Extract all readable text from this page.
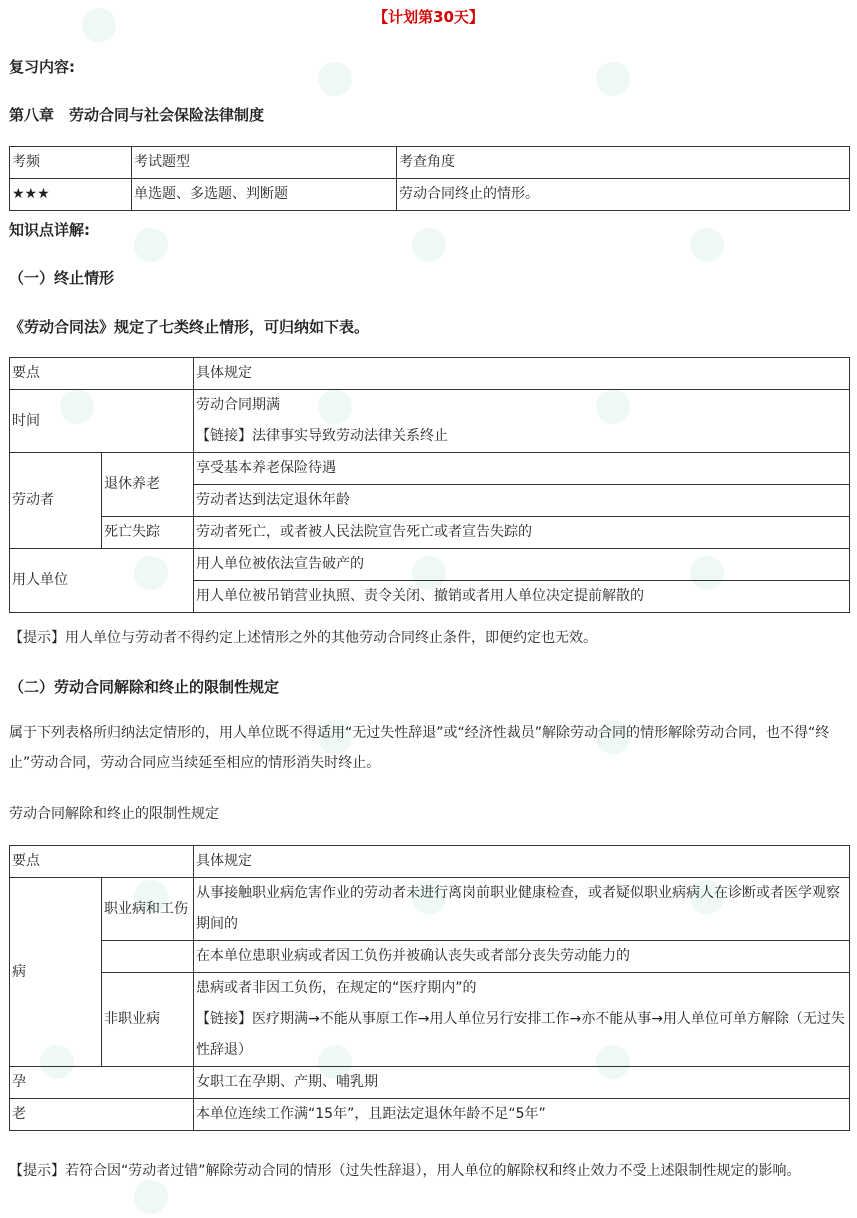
【计划第30天】
复习内容:
第八章　劳动合同与社会保险法律制度
考频	考试题型	考查角度
★★★	单选题、多选题、判断题	劳动合同终止的情形。
知识点详解:
（一）终止情形
《劳动合同法》规定了七类终止情形，可归纳如下表。
要点		具体规定
时间		劳动合同期满
		【链接】法律事实导致劳动法律关系终止
劳动者	退休养老	享受基本养老保险待遇
		劳动者达到法定退休年龄
	死亡失踪	劳动者死亡，或者被人民法院宣告死亡或者宣告失踪的
用人单位		用人单位被依法宣告破产的
		用人单位被吊销营业执照、责令关闭、撤销或者用人单位决定提前解散的
【提示】用人单位与劳动者不得约定上述情形之外的其他劳动合同终止条件，即便约定也无效。
（二）劳动合同解除和终止的限制性规定
属于下列表格所归纳法定情形的，用人单位既不得适用“无过失性辞退”或“经济性裁员”解除劳动合同的情形解除劳动合同，也不得“终止”劳动合同，劳动合同应当续延至相应的情形消失时终止。
劳动合同解除和终止的限制性规定
要点		具体规定
病	职业病和工伤	从事接触职业病危害作业的劳动者未进行离岗前职业健康检查，或者疑似职业病病人在诊断或者医学观察期间的
		在本单位患职业病或者因工负伤并被确认丧失或者部分丧失劳动能力的
	非职业病	患病或者非因工负伤，在规定的“医疗期内”的
【链接】医疗期满→不能从事原工作→用人单位另行安排工作→亦不能从事→用人单位可单方解除（无过失性辞退）

孕		女职工在孕期、产期、哺乳期
老		本单位连续工作满“15年”，且距法定退休年龄不足“5年”
【提示】若符合因“劳动者过错”解除劳动合同的情形（过失性辞退），用人单位的解除权和终止效力不受上述限制性规定的影响。
